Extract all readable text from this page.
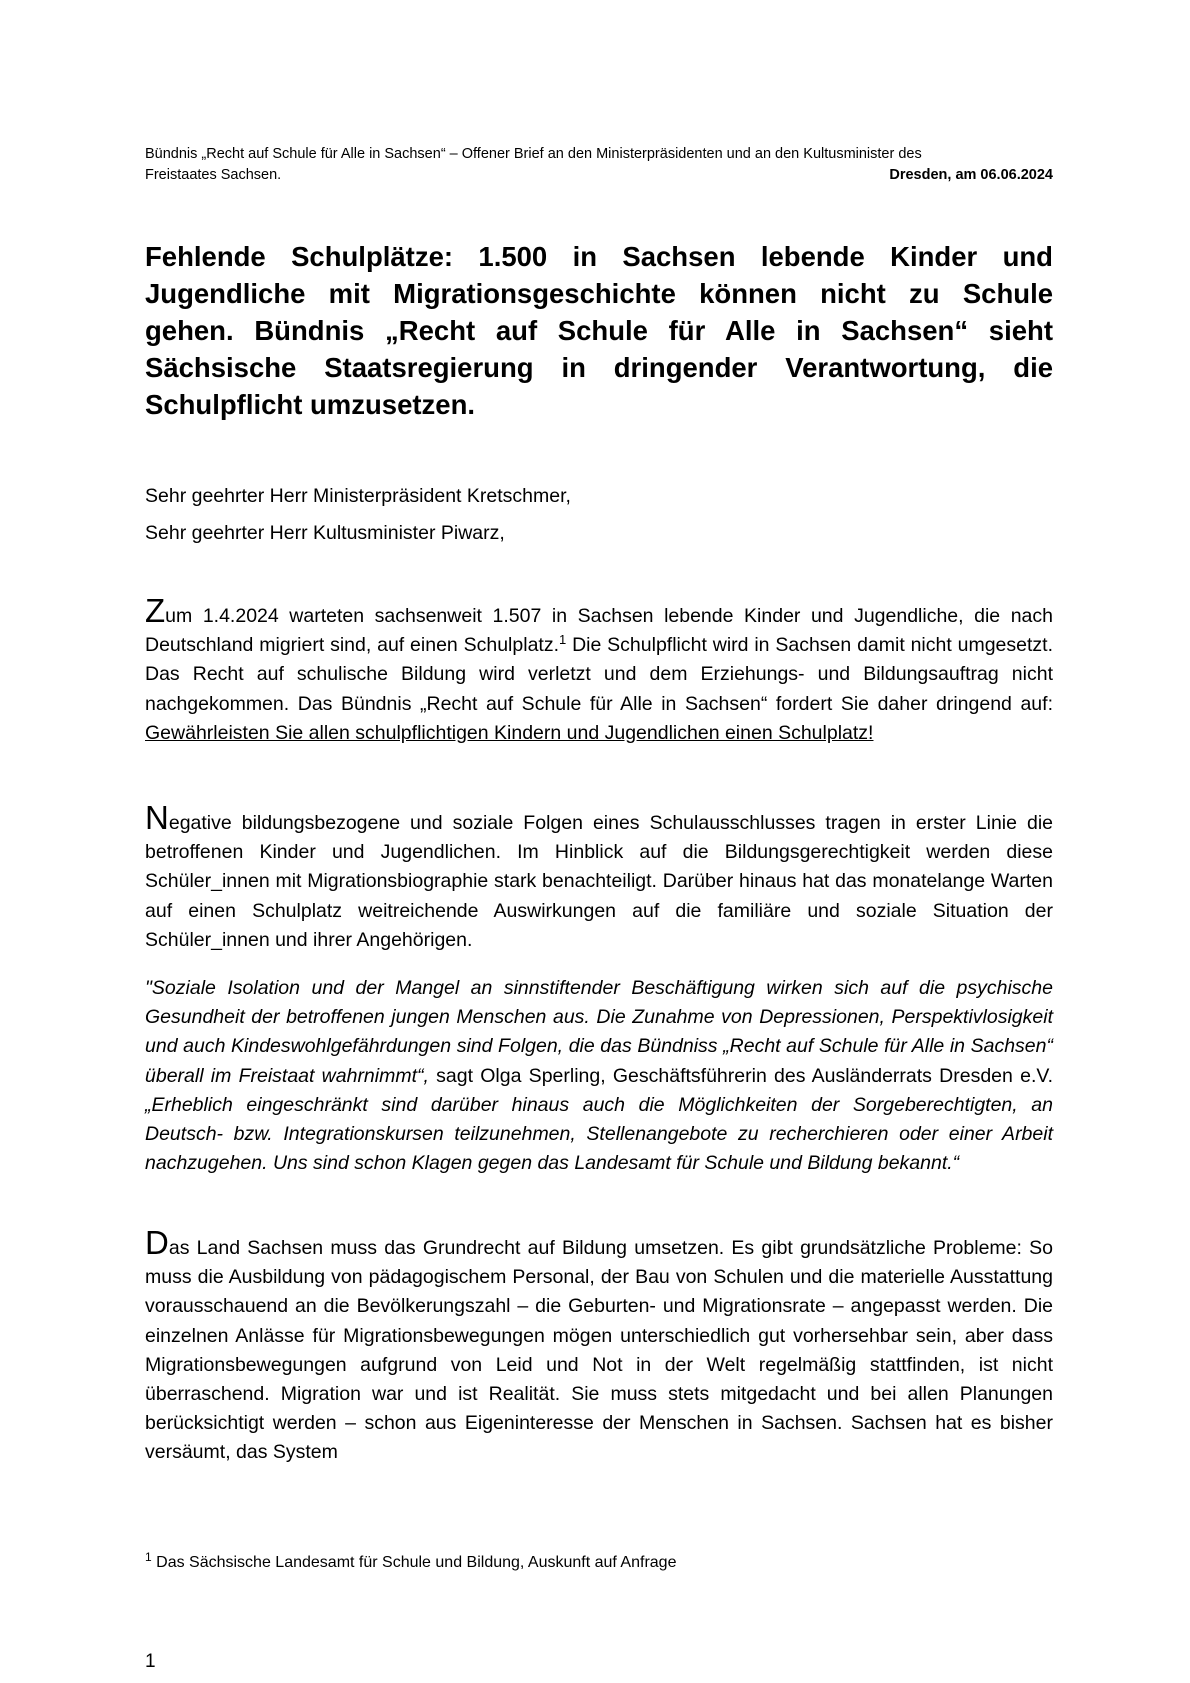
Bündnis „Recht auf Schule für Alle in Sachsen“ – Offener Brief an den Ministerpräsidenten und an den Kultusminister des
Freistaates Sachsen.	Dresden, am 06.06.2024
Fehlende Schulplätze: 1.500 in Sachsen lebende Kinder und Jugendliche mit Migrationsgeschichte können nicht zu Schule gehen. Bündnis „Recht auf Schule für Alle in Sachsen“ sieht Sächsische Staatsregierung in dringender Verantwortung, die Schulpflicht umzusetzen.
Sehr geehrter Herr Ministerpräsident Kretschmer,
Sehr geehrter Herr Kultusminister Piwarz,

Zum 1.4.2024 warteten sachsenweit 1.507 in Sachsen lebende Kinder und Jugendliche, die nach Deutschland migriert sind, auf einen Schulplatz.$^1$ Die Schulpflicht wird in Sachsen damit nicht umgesetzt. Das Recht auf schulische Bildung wird verletzt und dem Erziehungs- und Bildungsauftrag nicht nachgekommen. Das Bündnis „Recht auf Schule für Alle in Sachsen“ fordert Sie daher dringend auf: Gewährleisten Sie allen schulpflichtigen Kindern und Jugendlichen einen Schulplatz!

Negative bildungsbezogene und soziale Folgen eines Schulausschlusses tragen in erster Linie die betroffenen Kinder und Jugendlichen. Im Hinblick auf die Bildungsgerechtigkeit werden diese Schüler_innen mit Migrationsbiographie stark benachteiligt. Darüber hinaus hat das monatelange Warten auf einen Schulplatz weitreichende Auswirkungen auf die familiäre und soziale Situation der Schüler_innen und ihrer Angehörigen.

"Soziale Isolation und der Mangel an sinnstiftender Beschäftigung wirken sich auf die psychische Gesundheit der betroffenen jungen Menschen aus. Die Zunahme von Depressionen, Perspektivlosigkeit und auch Kindeswohlgefährdungen sind Folgen, die das Bündniss „Recht auf Schule für Alle in Sachsen“ überall im Freistaat wahrnimmt“, sagt Olga Sperling, Geschäftsführerin des Ausländerrats Dresden e.V. „Erheblich eingeschränkt sind darüber hinaus auch die Möglichkeiten der Sorgeberechtigten, an Deutsch- bzw. Integrationskursen teilzunehmen, Stellenangebote zu recherchieren oder einer Arbeit nachzugehen. Uns sind schon Klagen gegen das Landesamt für Schule und Bildung bekannt.“

Das Land Sachsen muss das Grundrecht auf Bildung umsetzen. Es gibt grundsätzliche Probleme: So muss die Ausbildung von pädagogischem Personal, der Bau von Schulen und die materielle Ausstattung vorausschauend an die Bevölkerungszahl – die Geburten- und Migrationsrate – angepasst werden. Die einzelnen Anlässe für Migrationsbewegungen mögen unterschiedlich gut vorhersehbar sein, aber dass Migrationsbewegungen aufgrund von Leid und Not in der Welt regelmäßig stattfinden, ist nicht überraschend. Migration war und ist Realität. Sie muss stets mitgedacht und bei allen Planungen berücksichtigt werden – schon aus Eigeninteresse der Menschen in Sachsen. Sachsen hat es bisher versäumt, das System

$^1$ Das Sächsische Landesamt für Schule und Bildung, Auskunft auf Anfrage
1
